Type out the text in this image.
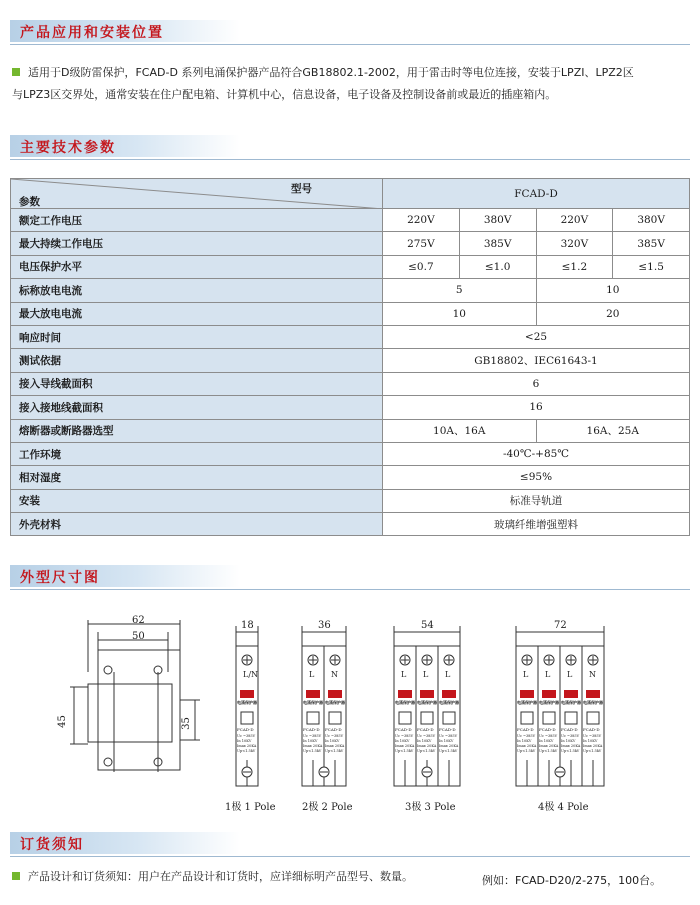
产品应用和安装位置
适用于D级防雷保护，FCAD-D 系列电涌保护器产品符合GB18802.1-2002，用于雷击时等电位连接，安装于LPZI、LPZ2区
与LPZ3区交界处，通常安装在住户配电箱、计算机中心，信息设备，电子设备及控制设备前或最近的插座箱内。
主要技术参数
型号
参数	FCAD-D			
额定工作电压	220V	380V	220V	380V
最大持续工作电压	275V	385V	320V	385V
电压保护水平	≤0.7	≤1.0	≤1.2	≤1.5
标称放电电流	5		10	
最大放电电流	10		20	
响应时间	<25			
测试依据	GB18802、IEC61643-1			
接入导线截面积	6			
接入接地线截面积	16			
熔断器或断路器选型	10A、16A		16A、25A	
工作环境	-40℃-+85℃			
相对湿度	≤95%			
安装	标准导轨道			
外壳材料	玻璃纤维增强塑料			
外型尺寸图
62
50
45	35
18
L/N
电涌保护器
FCAD-D
Uc ~385V
In 10KV
Imax 20KA
Up<1.5kV
1极 1 Pole
36
L
电涌保护器
FCAD-D
Uc ~385V
In 10KV
Imax 20KA
Up<1.5kV
N
电涌保护器
FCAD-D
Uc ~385V
In 10KV
Imax 20KA
Up<1.5kV
2极 2 Pole
54
L
电涌保护器
FCAD-D
Uc ~385V
In 10KV
Imax 20KA
Up<1.5kV
L
电涌保护器
FCAD-D
Uc ~385V
In 10KV
Imax 20KA
Up<1.5kV
L
电涌保护器
FCAD-D
Uc ~385V
In 10KV
Imax 20KA
Up<1.5kV
3极 3 Pole
72
L
电涌保护器
FCAD-D
Uc ~385V
In 10KV
Imax 20KA
Up<1.5kV
L
电涌保护器
FCAD-D
Uc ~385V
In 10KV
Imax 20KA
Up<1.5kV
L
电涌保护器
FCAD-D
Uc ~385V
In 10KV
Imax 20KA
Up<1.5kV
N
电涌保护器
FCAD-D
Uc ~385V
In 10KV
Imax 20KA
Up<1.5kV
4极 4 Pole
订货须知
产品设计和订货须知：用户在产品设计和订货时，应详细标明产品型号、数量。	例如：FCAD-D20/2-275，100台。
